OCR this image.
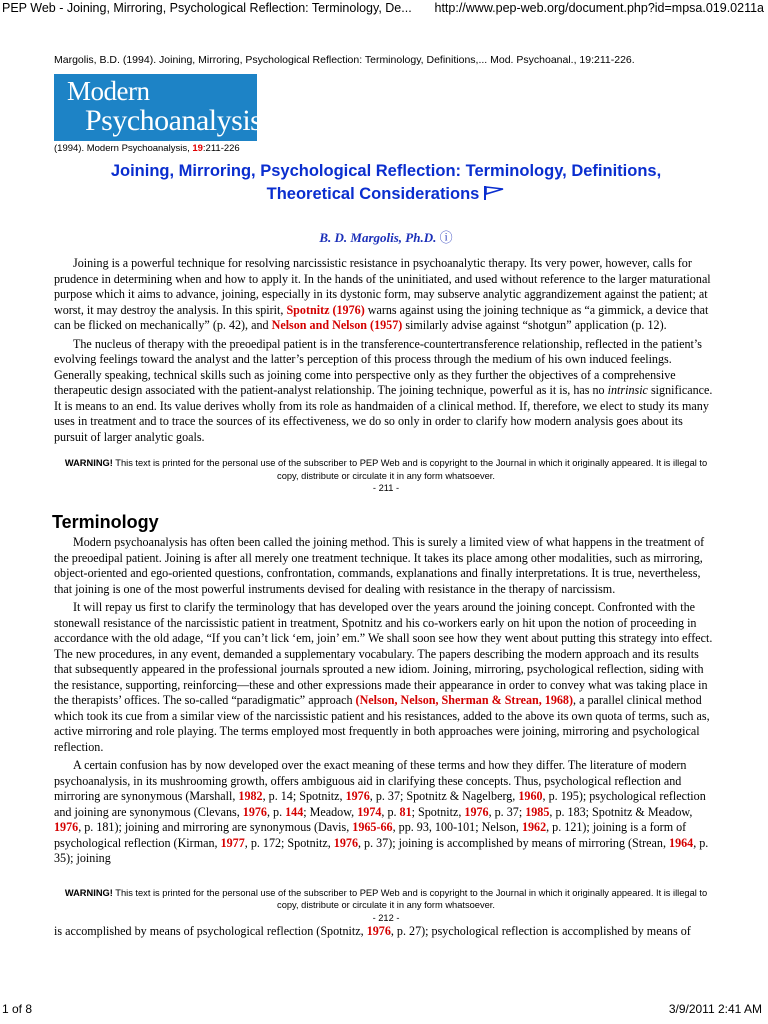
PEP Web - Joining, Mirroring, Psychological Reflection: Terminology, De... http://www.pep-web.org/document.php?id=mpsa.019.0211a
Margolis, B.D. (1994). Joining, Mirroring, Psychological Reflection: Terminology, Definitions,... Mod. Psychoanal., 19:211-226.
Modern
Psychoanalysis
(1994). Modern Psychoanalysis, 19:211-226
Joining, Mirroring, Psychological Reflection: Terminology, Definitions,
Theoretical Considerations
B. D. Margolis, Ph.D. ⓘ

Joining is a powerful technique for resolving narcissistic resistance in psychoanalytic therapy. Its very power, however, calls for prudence in determining when and how to apply it. In the hands of the uninitiated, and used without reference to the larger maturational purpose which it aims to advance, joining, especially in its dystonic form, may subserve analytic aggrandizement against the patient; at worst, it may destroy the analysis. In this spirit, Spotnitz (1976) warns against using the joining technique as “a gimmick, a device that can be flicked on mechanically” (p. 42), and Nelson and Nelson (1957) similarly advise against “shotgun” application (p. 12).

The nucleus of therapy with the preoedipal patient is in the transference-countertransference relationship, reflected in the patient’s evolving feelings toward the analyst and the latter’s perception of this process through the medium of his own induced feelings. Generally speaking, technical skills such as joining come into perspective only as they further the objectives of a comprehensive therapeutic design associated with the patient-analyst relationship. The joining technique, powerful as it is, has no intrinsic significance. It is means to an end. Its value derives wholly from its role as handmaiden of a clinical method. If, therefore, we elect to study its many uses in treatment and to trace the sources of its effectiveness, we do so only in order to clarify how modern analysis goes about its pursuit of larger analytic goals.

WARNING! This text is printed for the personal use of the subscriber to PEP Web and is copyright to the Journal in which it originally appeared. It is illegal to copy, distribute or circulate it in any form whatsoever.
- 211 -
Terminology

Modern psychoanalysis has often been called the joining method. This is surely a limited view of what happens in the treatment of the preoedipal patient. Joining is after all merely one treatment technique. It takes its place among other modalities, such as mirroring, object-oriented and ego-oriented questions, confrontation, commands, explanations and finally interpretations. It is true, nevertheless, that joining is one of the most powerful instruments devised for dealing with resistance in the therapy of narcissism.

It will repay us first to clarify the terminology that has developed over the years around the joining concept. Confronted with the stonewall resistance of the narcissistic patient in treatment, Spotnitz and his co-workers early on hit upon the notion of proceeding in accordance with the old adage, “If you can’t lick ‘em, join’ em.” We shall soon see how they went about putting this strategy into effect. The new procedures, in any event, demanded a supplementary vocabulary. The papers describing the modern approach and its results that subsequently appeared in the professional journals sprouted a new idiom. Joining, mirroring, psychological reflection, siding with the resistance, supporting, reinforcing—these and other expressions made their appearance in order to convey what was taking place in the therapists’ offices. The so-called “paradigmatic” approach (Nelson, Nelson, Sherman & Strean, 1968), a parallel clinical method which took its cue from a similar view of the narcissistic patient and his resistances, added to the above its own quota of terms, such as, active mirroring and role playing. The terms employed most frequently in both approaches were joining, mirroring and psychological reflection.

A certain confusion has by now developed over the exact meaning of these terms and how they differ. The literature of modern psychoanalysis, in its mushrooming growth, offers ambiguous aid in clarifying these concepts. Thus, psychological reflection and mirroring are synonymous (Marshall, 1982, p. 14; Spotnitz, 1976, p. 37; Spotnitz & Nagelberg, 1960, p. 195); psychological reflection and joining are synonymous (Clevans, 1976, p. 144; Meadow, 1974, p. 81; Spotnitz, 1976, p. 37; 1985, p. 183; Spotnitz & Meadow, 1976, p. 181); joining and mirroring are synonymous (Davis, 1965-66, pp. 93, 100-101; Nelson, 1962, p. 121); joining is a form of psychological reflection (Kirman, 1977, p. 172; Spotnitz, 1976, p. 37); joining is accomplished by means of mirroring (Strean, 1964, p. 35); joining

WARNING! This text is printed for the personal use of the subscriber to PEP Web and is copyright to the Journal in which it originally appeared. It is illegal to copy, distribute or circulate it in any form whatsoever.
- 212 -

is accomplished by means of psychological reflection (Spotnitz, 1976, p. 27); psychological reflection is accomplished by means of

1 of 8	3/9/2011 2:41 AM
